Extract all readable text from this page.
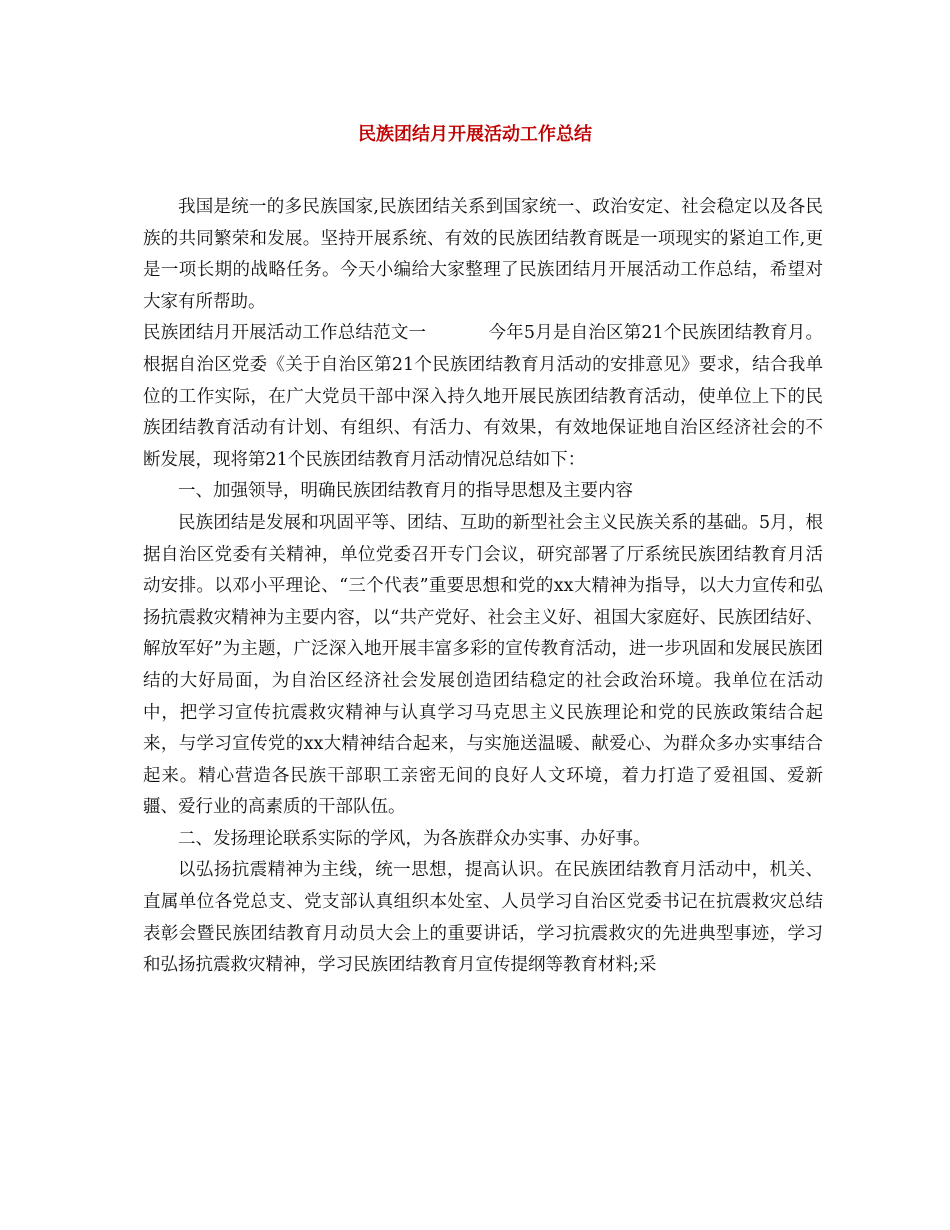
民族团结月开展活动工作总结

我国是统一的多民族国家,民族团结关系到国家统一、政治安定、社会稳定以及各民族的共同繁荣和发展。坚持开展系统、有效的民族团结教育既是一项现实的紧迫工作,更是一项长期的战略任务。今天小编给大家整理了民族团结月开展活动工作总结，希望对大家有所帮助。

民族团结月开展活动工作总结范文一	今年5月是自治区第21个民族团结教育月。根据自治区党委《关于自治区第21个民族团结教育月活动的安排意见》要求，结合我单位的工作实际，在广大党员干部中深入持久地开展民族团结教育活动，使单位上下的民族团结教育活动有计划、有组织、有活力、有效果，有效地保证地自治区经济社会的不断发展，现将第21个民族团结教育月活动情况总结如下：

一、加强领导，明确民族团结教育月的指导思想及主要内容

民族团结是发展和巩固平等、团结、互助的新型社会主义民族关系的基础。5月，根据自治区党委有关精神，单位党委召开专门会议，研究部署了厅系统民族团结教育月活动安排。以邓小平理论、“三个代表”重要思想和党的xx大精神为指导，以大力宣传和弘扬抗震救灾精神为主要内容，以“共产党好、社会主义好、祖国大家庭好、民族团结好、解放军好”为主题，广泛深入地开展丰富多彩的宣传教育活动，进一步巩固和发展民族团结的大好局面，为自治区经济社会发展创造团结稳定的社会政治环境。我单位在活动中，把学习宣传抗震救灾精神与认真学习马克思主义民族理论和党的民族政策结合起来，与学习宣传党的xx大精神结合起来，与实施送温暖、献爱心、为群众多办实事结合起来。精心营造各民族干部职工亲密无间的良好人文环境，着力打造了爱祖国、爱新疆、爱行业的高素质的干部队伍。

二、发扬理论联系实际的学风，为各族群众办实事、办好事。

以弘扬抗震精神为主线，统一思想，提高认识。在民族团结教育月活动中，机关、直属单位各党总支、党支部认真组织本处室、人员学习自治区党委书记在抗震救灾总结表彰会暨民族团结教育月动员大会上的重要讲话，学习抗震救灾的先进典型事迹，学习和弘扬抗震救灾精神，学习民族团结教育月宣传提纲等教育材料;采
